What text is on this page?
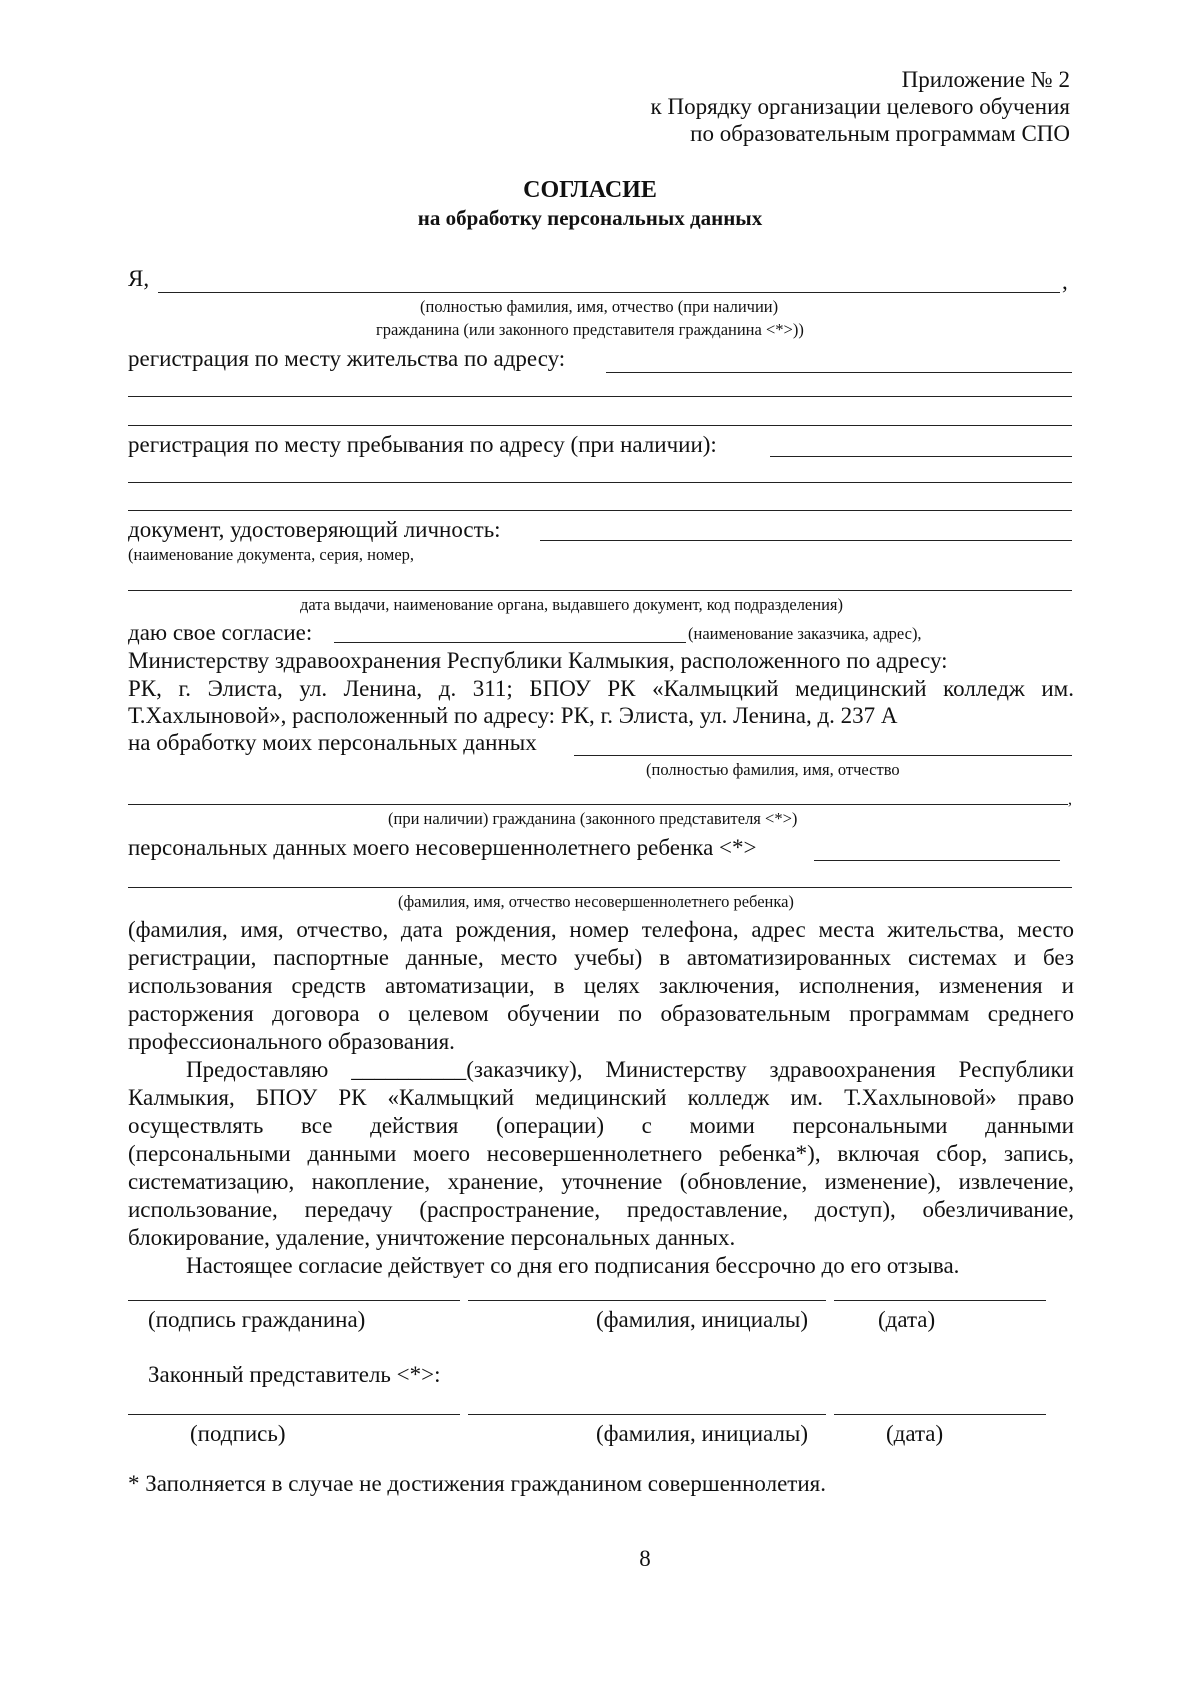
Приложение № 2
к Порядку организации целевого обучения
по образовательным программам СПО
СОГЛАСИЕ
на обработку персональных данных
Я,	,
(полностью фамилия, имя, отчество (при наличии)
гражданина (или законного представителя гражданина <*>))
регистрация по месту жительства по адресу:
регистрация по месту пребывания по адресу (при наличии):
документ, удостоверяющий личность:
(наименование документа, серия, номер,
дата выдачи, наименование органа, выдавшего документ, код подразделения)
даю свое согласие:	(наименование заказчика, адрес),
Министерству здравоохранения Республики Калмыкия, расположенного по адресу:
РК, г. Элиста, ул. Ленина, д. 311; БПОУ РК «Калмыцкий медицинский колледж им.
Т.Хахлыновой», расположенный по адресу: РК, г. Элиста, ул. Ленина, д. 237 А
на обработку моих персональных данных
(полностью фамилия, имя, отчество
,
(при наличии) гражданина (законного представителя <*>)
персональных данных моего несовершеннолетнего ребенка <*>
(фамилия, имя, отчество несовершеннолетнего ребенка)
(фамилия, имя, отчество, дата рождения, номер телефона, адрес места жительства, место
регистрации, паспортные данные, место учебы) в автоматизированных системах и без
использования средств автоматизации, в целях заключения, исполнения, изменения и
расторжения договора о целевом обучении по образовательным программам среднего
профессионального образования.
Предоставляю __________(заказчику), Министерству здравоохранения Республики
Калмыкия, БПОУ РК «Калмыцкий медицинский колледж им. Т.Хахлыновой» право
осуществлять все действия (операции) с моими персональными данными
(персональными данными моего несовершеннолетнего ребенка*), включая сбор, запись,
систематизацию, накопление, хранение, уточнение (обновление, изменение), извлечение,
использование, передачу (распространение, предоставление, доступ), обезличивание,
блокирование, удаление, уничтожение персональных данных.
Настоящее согласие действует со дня его подписания бессрочно до его отзыва.
(подпись гражданина)	(фамилия, инициалы)	(дата)
Законный представитель <*>:
(подпись)	(фамилия, инициалы)	(дата)
* Заполняется в случае не достижения гражданином совершеннолетия.
8
